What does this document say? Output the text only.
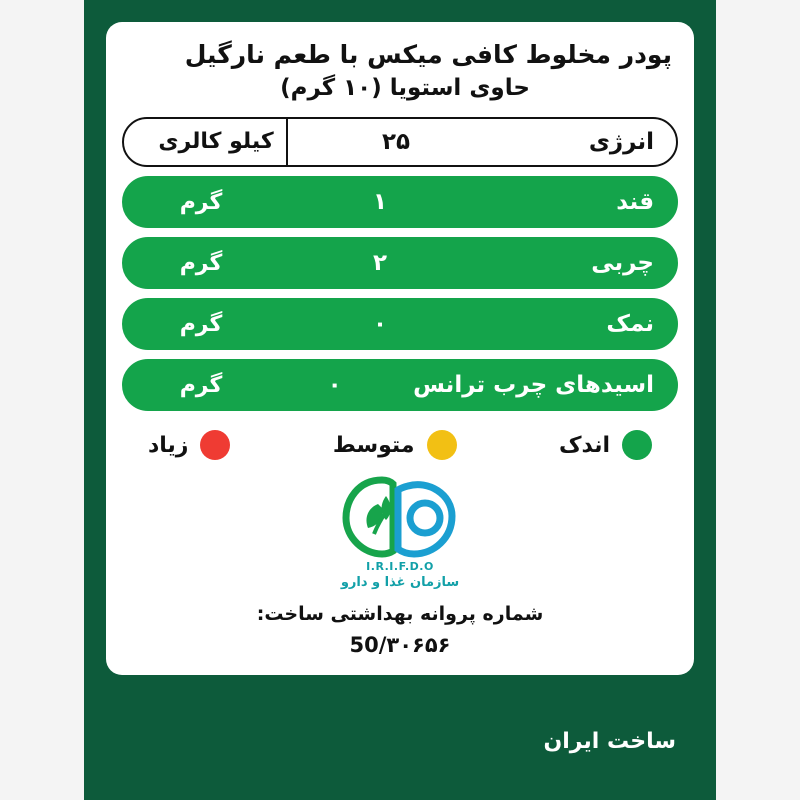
پودر مخلوط کافی میکس با طعم نارگیل
حاوی استویا (۱۰ گرم)
انرژی
۲۵
کیلو کالری
قند
۱
گرم
چربی
۲
گرم
نمک
۰
گرم
اسیدهای چرب ترانس
۰
گرم
اندک
متوسط
زیاد
I.R.I.F.D.O
سازمان غذا و دارو
شماره پروانه بهداشتی ساخت:
50/۳۰۶۵۶
ساخت ایران
